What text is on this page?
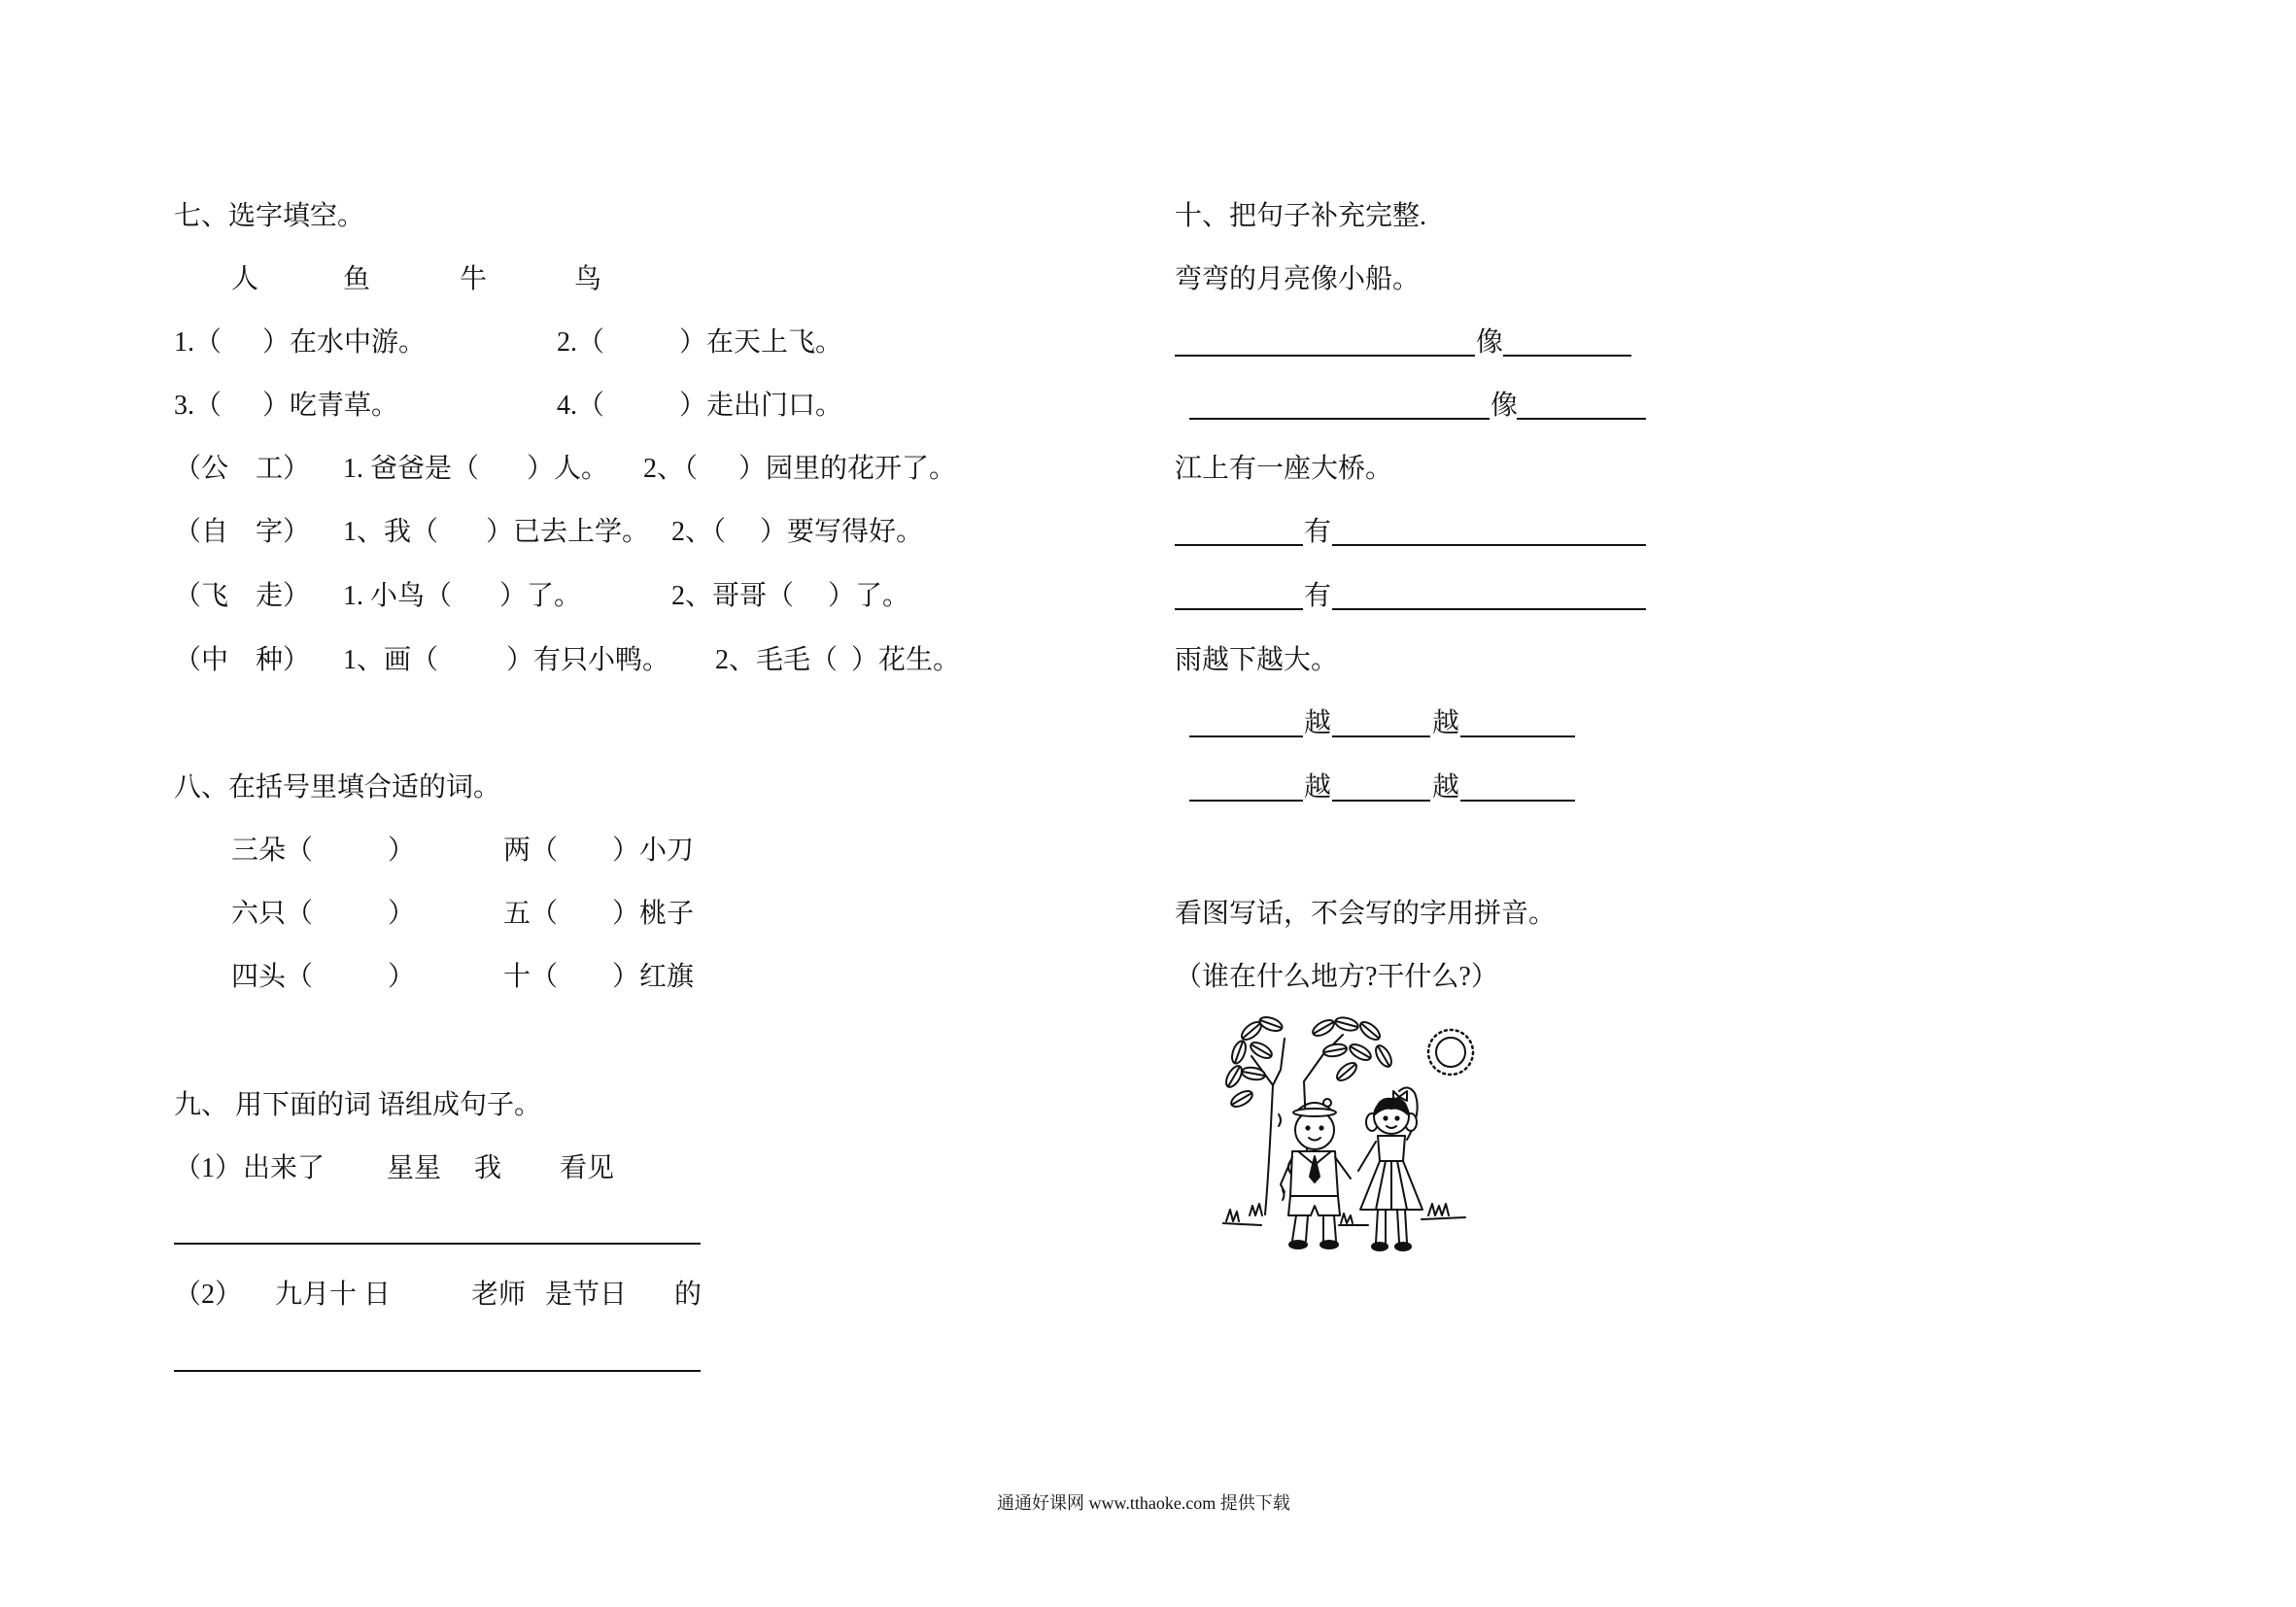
七、选字填空。
人	鱼	牛	鸟
1.（      ）在水中游。	2.（           ）在天上飞。
3.（      ）吃青草。	4.（           ）走出门口。
（公　工） 1. 爸爸是（       ）人。 2、（      ）园里的花开了。
（自　字） 1、我（       ）已去上学。 2、（     ）要写得好。
（飞　走） 1. 小鸟（       ）了。	2、哥哥（     ）了。
（中　种） 1、画（          ）有只小鸭。 2、毛毛（  ）花生。
八、在括号里填合适的词。
三朵（           ）	两（        ）小刀
六只（           ）	五（        ）桃子
四头（           ）	十（        ）红旗
九、 用下面的词 语组成句子。
（1） 出来了 星星 我 看见
（2） 九月十 日	老师 是节日 的
十、把句子补充完整.
弯弯的月亮像小船。
像
像
江上有一座大桥。
有
有
雨越下越大。
越	越
越	越
看图写话，不会写的字用拼音。
（谁在什么地方?干什么?）
通通好课网 www.tthaoke.com 提供下载
